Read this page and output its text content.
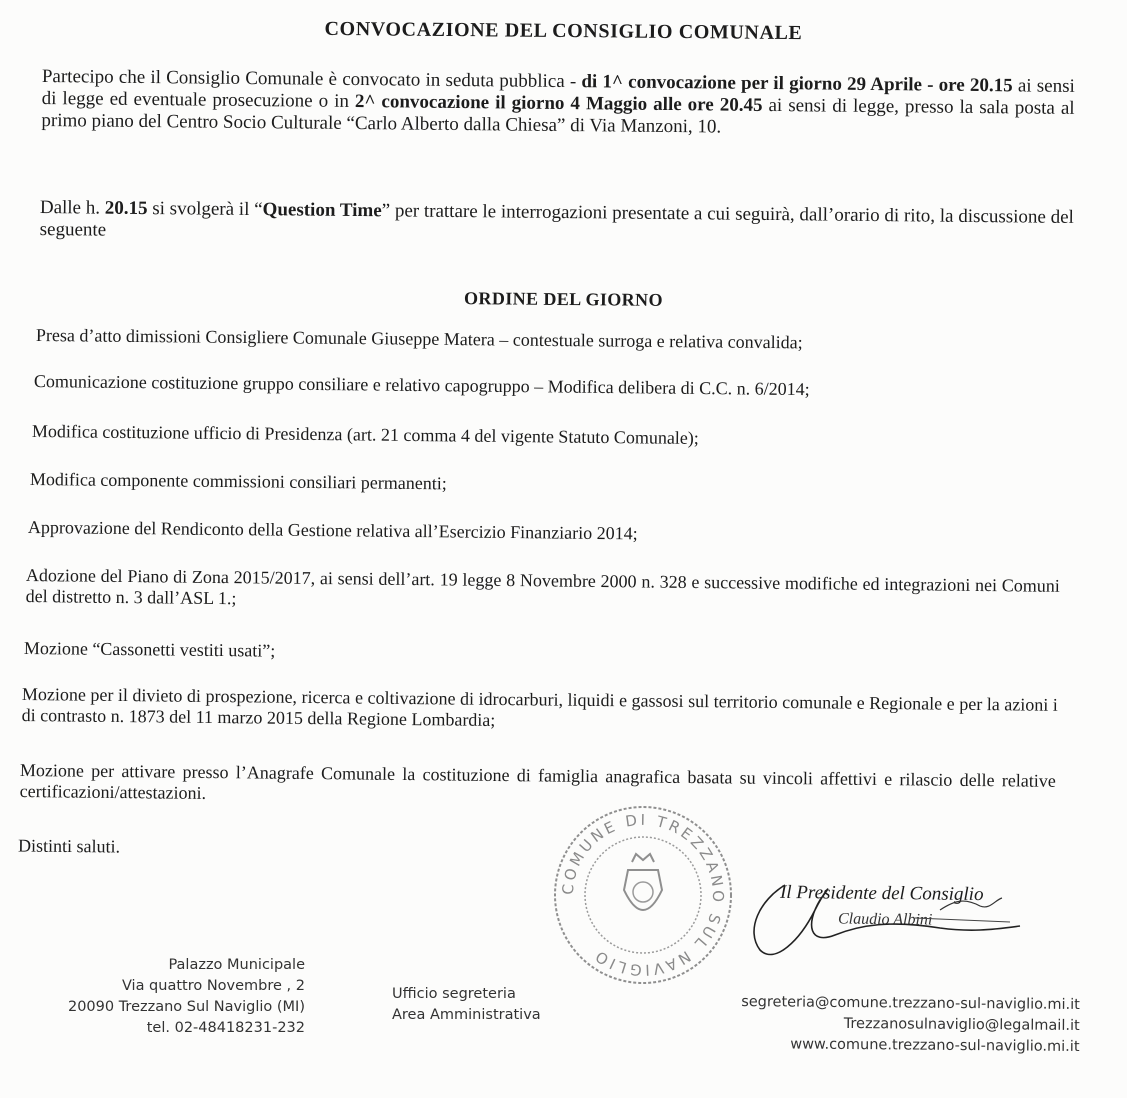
CONVOCAZIONE DEL CONSIGLIO COMUNALE
Partecipo che il Consiglio Comunale è convocato in seduta pubblica - di 1^ convocazione per il giorno 29 Aprile - ore 20.15 ai sensi di legge ed eventuale prosecuzione o in 2^ convocazione il giorno 4 Maggio alle ore 20.45 ai sensi di legge, presso la sala posta al primo piano del Centro Socio Culturale “Carlo Alberto dalla Chiesa” di Via Manzoni, 10.
Dalle h. 20.15 si svolgerà il “Question Time” per trattare le interrogazioni presentate a cui seguirà, dall’orario di rito, la discussione del seguente
ORDINE DEL GIORNO
Presa d’atto dimissioni Consigliere Comunale Giuseppe Matera – contestuale surroga e relativa convalida;
Comunicazione costituzione gruppo consiliare e relativo capogruppo – Modifica delibera di C.C. n. 6/2014;
Modifica costituzione ufficio di Presidenza (art. 21 comma 4 del vigente Statuto Comunale);
Modifica componente commissioni consiliari permanenti;
Approvazione del Rendiconto della Gestione relativa all’Esercizio Finanziario 2014;
Adozione del Piano di Zona 2015/2017, ai sensi dell’art. 19 legge 8 Novembre 2000 n. 328 e successive modifiche ed integrazioni nei Comuni del distretto n. 3 dall’ASL 1.;
Mozione “Cassonetti vestiti usati”;
Mozione per il divieto di prospezione, ricerca e coltivazione di idrocarburi, liquidi e gassosi sul territorio comunale e Regionale e per la azioni i di contrasto n. 1873 del 11 marzo 2015 della Regione Lombardia;
Mozione per attivare presso l’Anagrafe Comunale la costituzione di famiglia anagrafica basata su vincoli affettivi e rilascio delle relative certificazioni/attestazioni.
Distinti saluti.
COMUNE DI TREZZANO SUL NAVIGLIO
Il Presidente del Consiglio
Claudio Albini
Palazzo Municipale
Via quattro Novembre , 2
20090 Trezzano Sul Naviglio (MI)
tel. 02-48418231-232
Ufficio segreteria
Area Amministrativa
segreteria@comune.trezzano-sul-naviglio.mi.it
Trezzanosulnaviglio@legalmail.it
www.comune.trezzano-sul-naviglio.mi.it
